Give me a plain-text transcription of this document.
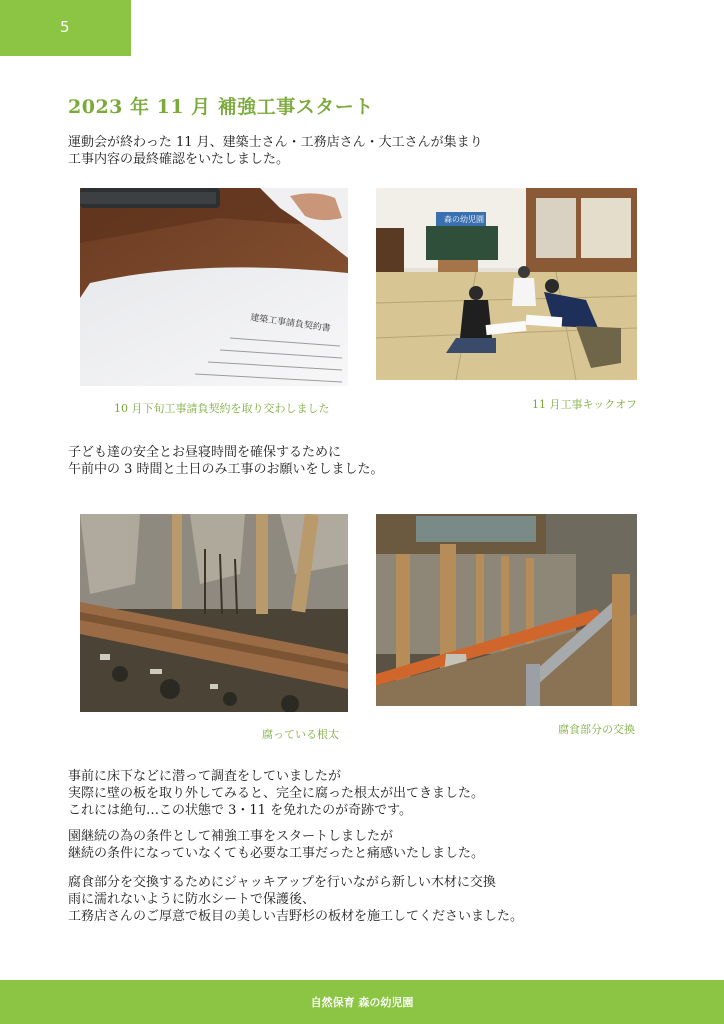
5
2023 年 11 月 補強工事スタート
運動会が終わった 11 月、建築士さん・工務店さん・大工さんが集まり
工事内容の最終確認をいたしました。
建築工事請負契約書
10 月下旬工事請負契約を取り交わしました
森の幼児園
11 月工事キックオフ
子ども達の安全とお昼寝時間を確保するために
午前中の 3 時間と土日のみ工事のお願いをしました。
腐っている根太	腐食部分の交換
事前に床下などに潜って調査をしていましたが
実際に壁の板を取り外してみると、完全に腐った根太が出てきました。
これには絶句…この状態で 3・11 を免れたのが奇跡です。
園継続の為の条件として補強工事をスタートしましたが
継続の条件になっていなくても必要な工事だったと痛感いたしました。
腐食部分を交換するためにジャッキアップを行いながら新しい木材に交換
雨に濡れないように防水シートで保護後、
工務店さんのご厚意で板目の美しい吉野杉の板材を施工してくださいました。
自然保育 森の幼児園
